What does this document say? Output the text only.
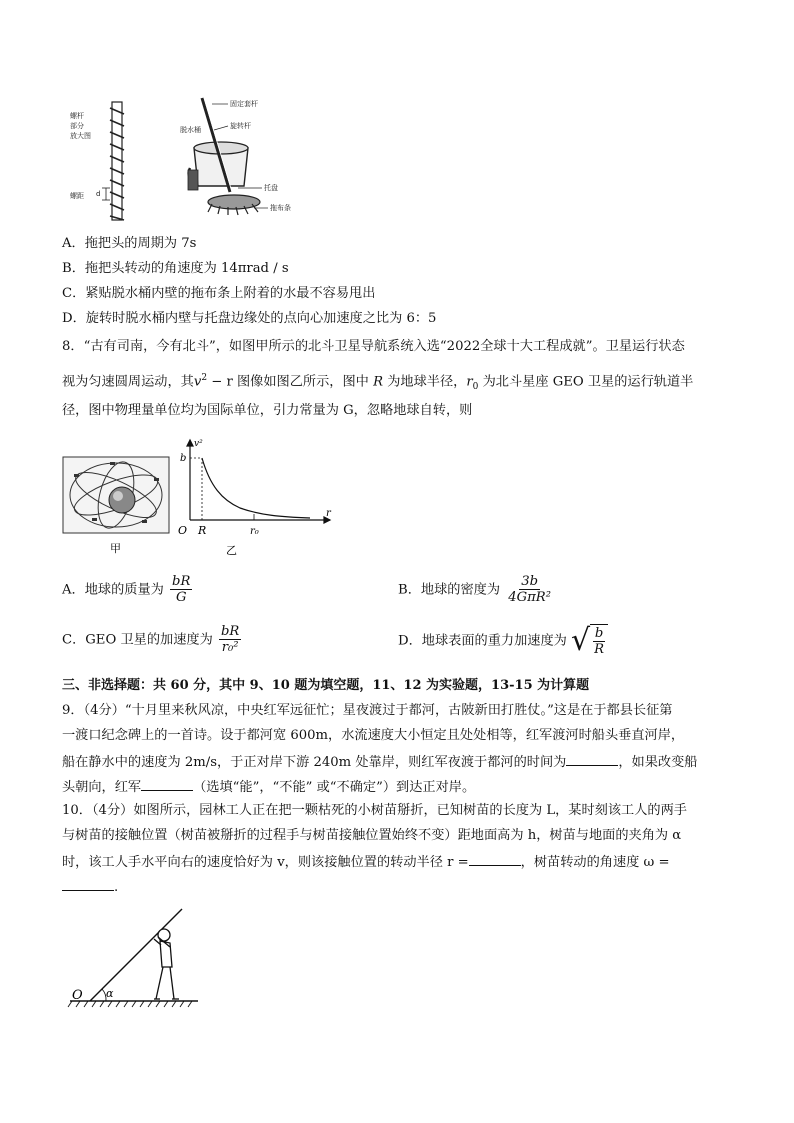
螺杆
部分
放大图
螺距 d
固定套杆
脱水桶	旋转杆
托盘
拖布条
A．拖把头的周期为 7s
B．拖把头转动的角速度为 14πrad / s
C．紧贴脱水桶内壁的拖布条上附着的水最不容易甩出
D．旋转时脱水桶内壁与托盘边缘处的点向心加速度之比为 6：5
8．“古有司南，今有北斗”，如图甲所示的北斗卫星导航系统入选“2022全球十大工程成就”。卫星运行状态
视为匀速圆周运动，其$v^2 - r$ 图像如图乙所示，图中 R 为地球半径，$r_0$ 为北斗星座 GEO 卫星的运行轨道半
径，图中物理量单位均为国际单位，引力常量为 G，忽略地球自转，则
甲
b
v²
O R	r₀
r
乙
A．地球的质量为 $\frac{bR}{G}$	B．地球的密度为 $\frac{3b}{\text{4GπR²}}$
C．GEO 卫星的加速度为 $\frac{bR}{\text{r₀²}}$	D．地球表面的重力加速度为 √ $\frac{b}{R}$
三、非选择题：共 60 分，其中 9、10 题为填空题，11、12 为实验题，13-15 为计算题
9．（4分）“十月里来秋风凉，中央红军远征忙；星夜渡过于都河，古陂新田打胜仗。”这是在于都县长征第
一渡口纪念碑上的一首诗。设于都河宽 600m，水流速度大小恒定且处处相等，红军渡河时船头垂直河岸，
船在静水中的速度为 2m/s，于正对岸下游 240m 处靠岸，则红军夜渡于都河的时间为	，如果改变船
头朝向，红军	（选填“能”，“不能” 或“不确定”）到达正对岸。
10．（4分）如图所示，园林工人正在把一颗枯死的小树苗掰折，已知树苗的长度为 L，某时刻该工人的两手
与树苗的接触位置（树苗被掰折的过程手与树苗接触位置始终不变）距地面高为 h，树苗与地面的夹角为 α
时，该工人手水平向右的速度恰好为 v，则该接触位置的转动半径 r =	，树苗转动的角速度 ω =
.
O α
